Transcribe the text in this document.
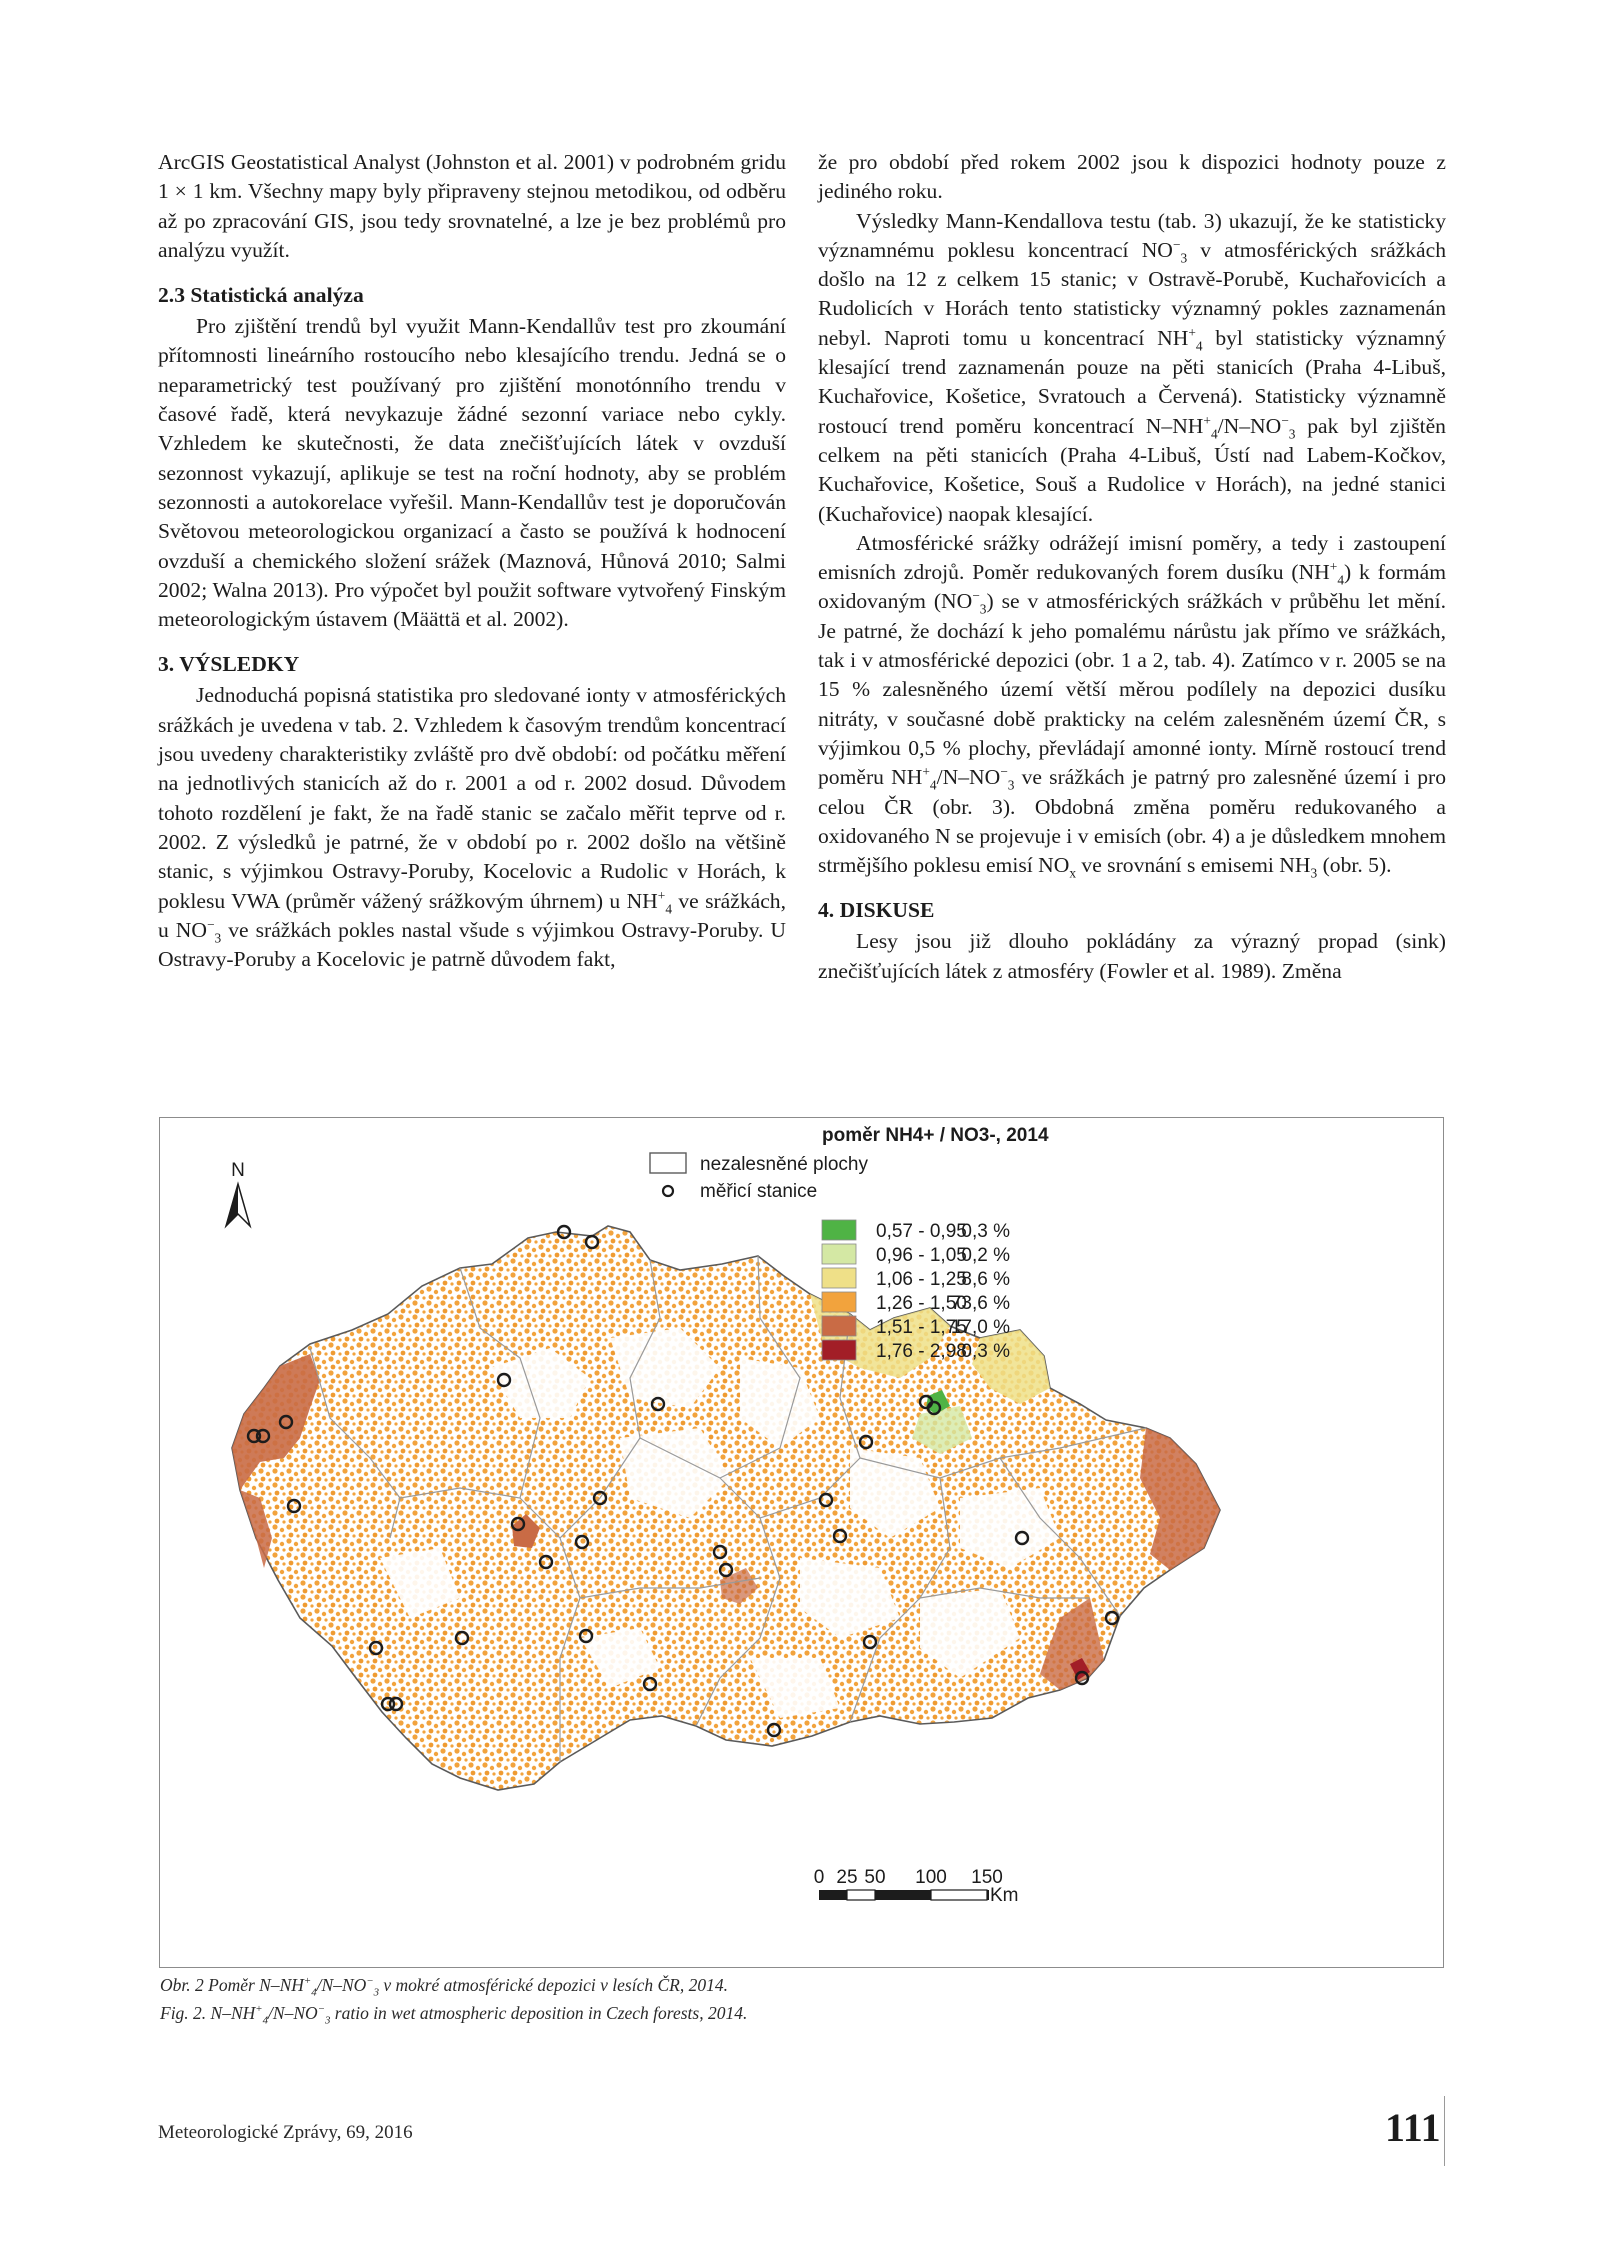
ArcGIS Geostatistical Analyst (Johnston et al. 2001) v podrobném gridu 1 × 1 km. Všechny mapy byly připraveny stejnou metodikou, od odběru až po zpracování GIS, jsou tedy srovnatelné, a lze je bez problémů pro analýzu využít.

2.3 Statistická analýza

Pro zjištění trendů byl využit Mann-Kendallův test pro zkoumání přítomnosti lineárního rostoucího nebo klesajícího trendu. Jedná se o neparametrický test používaný pro zjištění monotónního trendu v časové řadě, která nevykazuje žádné sezonní variace nebo cykly. Vzhledem ke skutečnosti, že data znečišťujících látek v ovzduší sezonnost vykazují, aplikuje se test na roční hodnoty, aby se problém sezonnosti a autokorelace vyřešil. Mann-Kendallův test je doporučován Světovou meteorologickou organizací a často se používá k hodnocení ovzduší a chemického složení srážek (Maznová, Hůnová 2010; Salmi 2002; Walna 2013). Pro výpočet byl použit software vytvořený Finským meteorologickým ústavem (Määttä et al. 2002).

3. VÝSLEDKY

Jednoduchá popisná statistika pro sledované ionty v atmosférických srážkách je uvedena v tab. 2. Vzhledem k časovým trendům koncentrací jsou uvedeny charakteristiky zvláště pro dvě období: od počátku měření na jednotlivých stanicích až do r. 2001 a od r. 2002 dosud. Důvodem tohoto rozdělení je fakt, že na řadě stanic se začalo měřit teprve od r. 2002. Z výsledků je patrné, že v období po r. 2002 došlo na většině stanic, s výjimkou Ostravy-Poruby, Kocelovic a Rudolic v Horách, k poklesu VWA (průměr vážený srážkovým úhrnem) u $NH^+_4$ ve srážkách, u $NO^-_3$ ve srážkách pokles nastal všude s výjimkou Ostravy-Poruby. U Ostravy-Poruby a Kocelovic je patrně důvodem fakt,

že pro období před rokem 2002 jsou k dispozici hodnoty pouze z jediného roku.

Výsledky Mann-Kendallova testu (tab. 3) ukazují, že ke statisticky významnému poklesu koncentrací $NO^-_3$ v atmosférických srážkách došlo na 12 z celkem 15 stanic; v Ostravě-Porubě, Kuchařovicích a Rudolicích v Horách tento statisticky významný pokles zaznamenán nebyl. Naproti tomu u koncentrací $NH^+_4$ byl statisticky významný klesající trend zaznamenán pouze na pěti stanicích (Praha 4-Libuš, Kuchařovice, Košetice, Svratouch a Červená). Statisticky významně rostoucí trend poměru koncentrací $N-NH^+_4/N-NO^-_3$ pak byl zjištěn celkem na pěti stanicích (Praha 4-Libuš, Ústí nad Labem-Kočkov, Kuchařovice, Košetice, Souš a Rudolice v Horách), na jedné stanici (Kuchařovice) naopak klesající.

Atmosférické srážky odrážejí imisní poměry, a tedy i zastoupení emisních zdrojů. Poměr redukovaných forem dusíku $(NH^+_4)$ k formám oxidovaným $(NO^-_3)$ se v atmosférických srážkách v průběhu let mění. Je patrné, že dochází k jeho pomalému nárůstu jak přímo ve srážkách, tak i v atmosférické depozici (obr. 1 a 2, tab. 4). Zatímco v r. 2005 se na 15 % zalesněného území větší měrou podílely na depozici dusíku nitráty, v současné době prakticky na celém zalesněném území ČR, s výjimkou 0,5 % plochy, převládají amonné ionty. Mírně rostoucí trend poměru $NH^+_4/N-NO^-_3$ ve srážkách je patrný pro zalesněné území i pro celou ČR (obr. 3). Obdobná změna poměru redukovaného a oxidovaného N se projevuje i v emisích (obr. 4) a je důsledkem mnohem strmějšího poklesu emisí $NO_x$ ve srovnání s emisemi $NH_3$ (obr. 5).

4. DISKUSE

Lesy jsou již dlouho pokládány za výrazný propad (sink) znečišťujících látek z atmosféry (Fowler et al. 1989). Změna

N
poměr NH4+ / NO3-, 2014
nezalesněné plochy
měřicí stanice
0,57 - 0,95
0,3 %
0,96 - 1,05
0,2 %
1,06 - 1,25
8,6 %
1,26 - 1,50
73,6 %
1,51 - 1,75
17,0 %
1,76 - 2,98
0,3 %
0 25 50 100 150
Km
Obr. 2 Poměr $N-NH^+_4/N-NO^-_3$ v mokré atmosférické depozici v lesích ČR, 2014.
Fig. 2. $N-NH^+_4/N-NO^-_3$ ratio in wet atmospheric deposition in Czech forests, 2014.
Meteorologické Zprávy, 69, 2016	111
